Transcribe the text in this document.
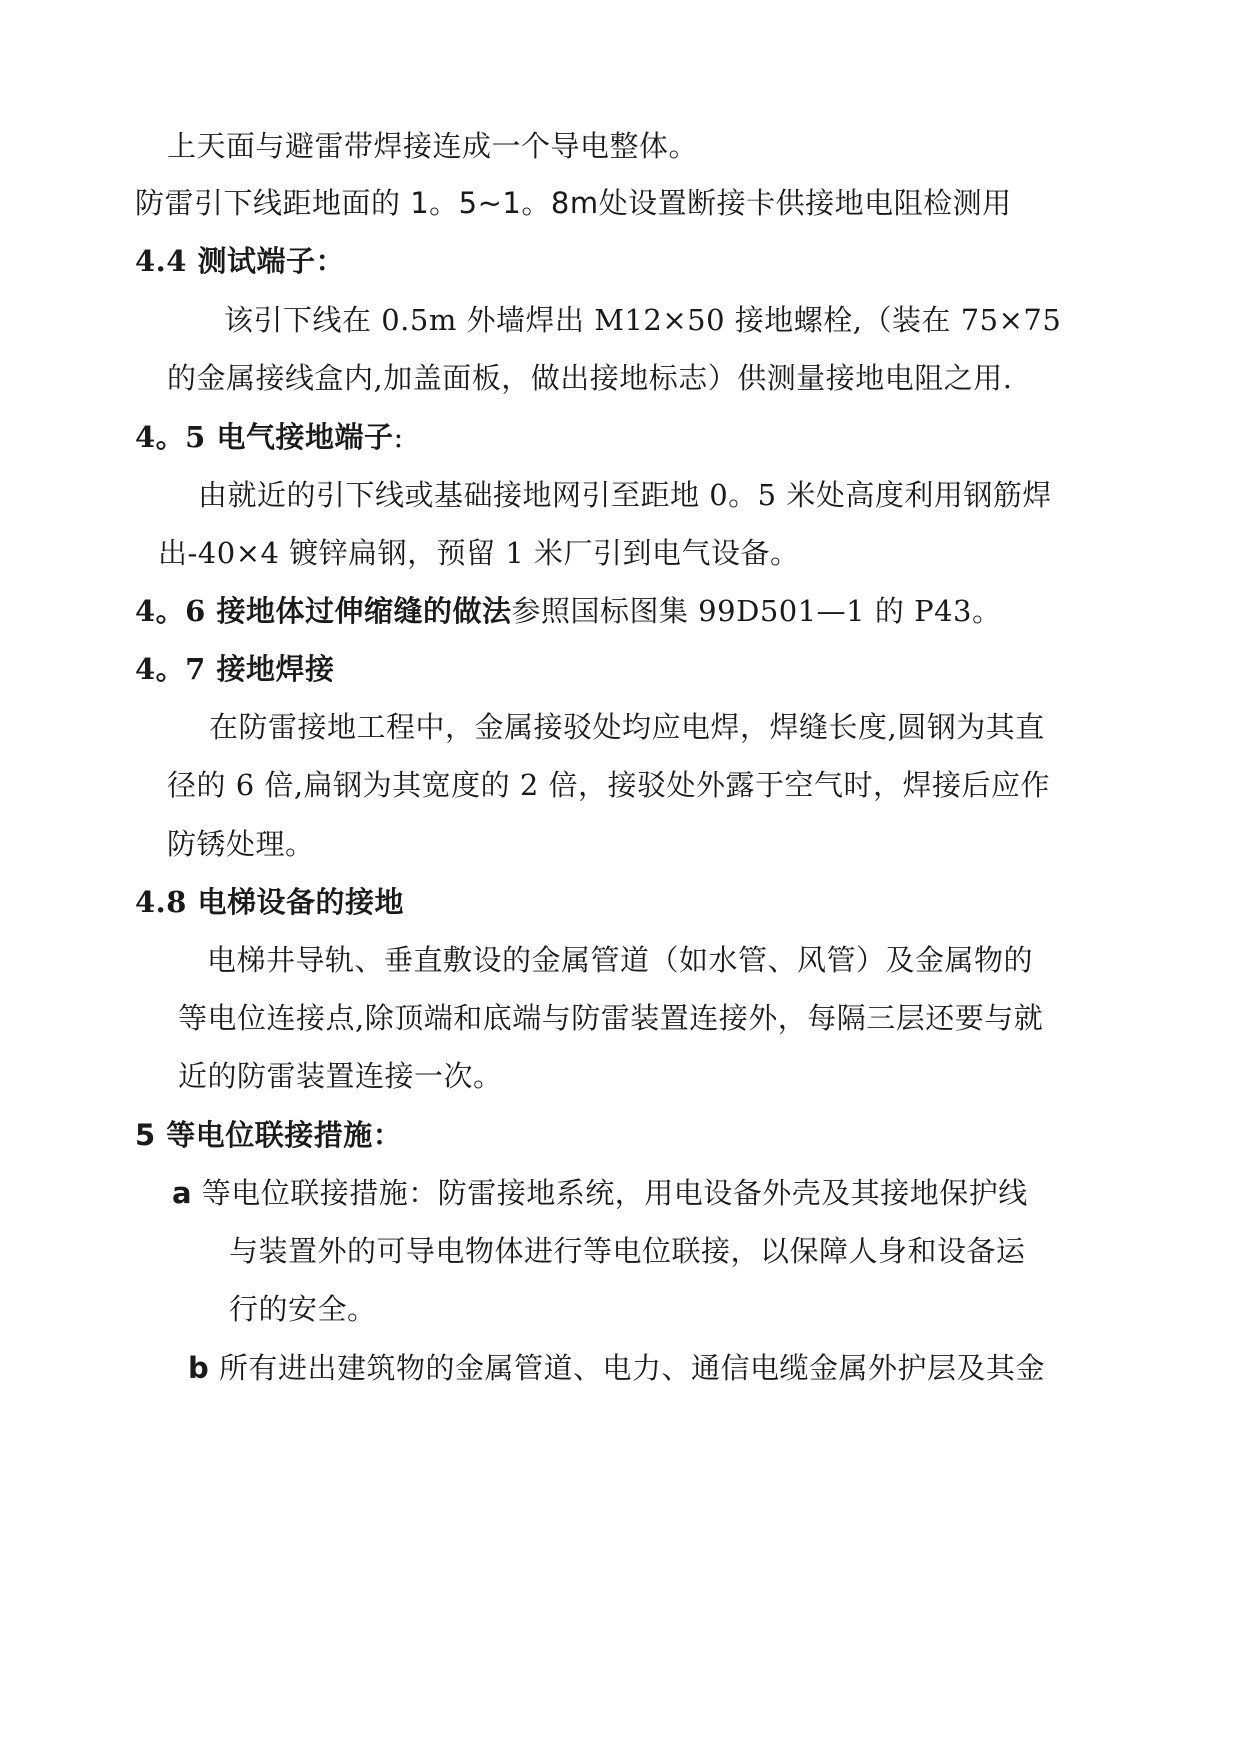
上天面与避雷带焊接连成一个导电整体。
防雷引下线距地面的 1。5~1。8m处设置断接卡供接地电阻检测用
4.4 测试端子：
该引下线在 0.5m 外墙焊出 M12×50 接地螺栓,（装在 75×75
的金属接线盒内,加盖面板，做出接地标志）供测量接地电阻之用.
4。5 电气接地端子:
由就近的引下线或基础接地网引至距地 0。5 米处高度利用钢筋焊
出-40×4 镀锌扁钢，预留 1 米厂引到电气设备。
4。6 接地体过伸缩缝的做法参照国标图集 99D501—1 的 P43。
4。7 接地焊接
在防雷接地工程中，金属接驳处均应电焊，焊缝长度,圆钢为其直
径的 6 倍,扁钢为其宽度的 2 倍，接驳处外露于空气时，焊接后应作
防锈处理。
4.8 电梯设备的接地
电梯井导轨、垂直敷设的金属管道（如水管、风管）及金属物的
等电位连接点,除顶端和底端与防雷装置连接外，每隔三层还要与就
近的防雷装置连接一次。
5 等电位联接措施：
a 等电位联接措施：防雷接地系统，用电设备外壳及其接地保护线
与装置外的可导电物体进行等电位联接，以保障人身和设备运
行的安全。
b 所有进出建筑物的金属管道、电力、通信电缆金属外护层及其金
